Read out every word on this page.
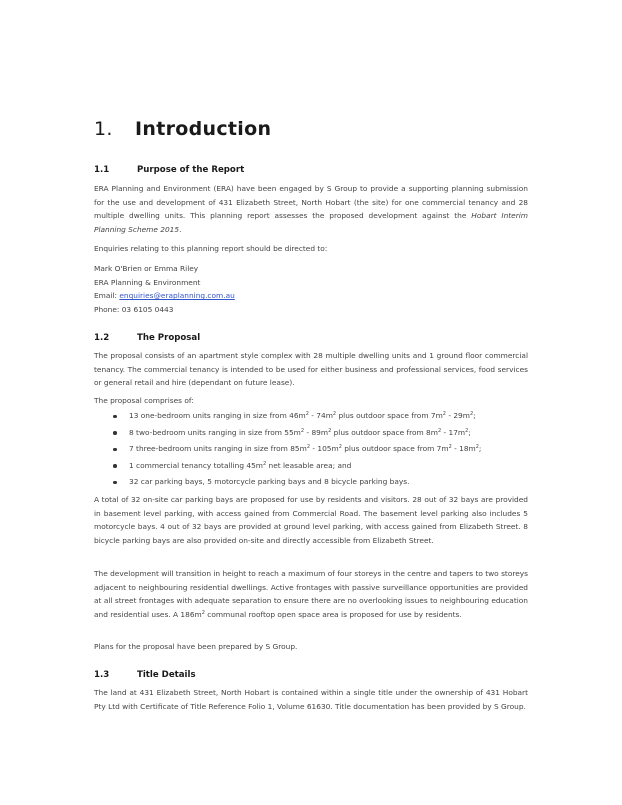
1. Introduction
1.1	Purpose of the Report

ERA Planning and Environment (ERA) have been engaged by S Group to provide a supporting planning submission for the use and development of 431 Elizabeth Street, North Hobart (the site) for one commercial tenancy and 28 multiple dwelling units. This planning report assesses the proposed development against the Hobart Interim Planning Scheme 2015.

Enquiries relating to this planning report should be directed to:

Mark O'Brien or Emma Riley
ERA Planning & Environment
Email: enquiries@eraplanning.com.au
Phone: 03 6105 0443
1.2	The Proposal

The proposal consists of an apartment style complex with 28 multiple dwelling units and 1 ground floor commercial tenancy. The commercial tenancy is intended to be used for either business and professional services, food services or general retail and hire (dependant on future lease).

The proposal comprises of:

13 one-bedroom units ranging in size from $46m^2 - 74m^2$ plus outdoor space from $7m^2 - 29m^2$;
8 two-bedroom units ranging in size from $55m^2 - 89m^2$ plus outdoor space from $8m^2 - 17m^2$;
7 three-bedroom units ranging in size from $85m^2 - 105m^2$ plus outdoor space from $7m^2 - 18m^2$;
1 commercial tenancy totalling $45m^2$ net leasable area; and
32 car parking bays, 5 motorcycle parking bays and 8 bicycle parking bays.

A total of 32 on-site car parking bays are proposed for use by residents and visitors. 28 out of 32 bays are provided in basement level parking, with access gained from Commercial Road. The basement level parking also includes 5 motorcycle bays. 4 out of 32 bays are provided at ground level parking, with access gained from Elizabeth Street. 8 bicycle parking bays are also provided on-site and directly accessible from Elizabeth Street.

The development will transition in height to reach a maximum of four storeys in the centre and tapers to two storeys adjacent to neighbouring residential dwellings. Active frontages with passive surveillance opportunities are provided at all street frontages with adequate separation to ensure there are no overlooking issues to neighbouring education and residential uses. A $186m^2$ communal rooftop open space area is proposed for use by residents.

Plans for the proposal have been prepared by S Group.

1.3	Title Details

The land at 431 Elizabeth Street, North Hobart is contained within a single title under the ownership of 431 Hobart Pty Ltd with Certificate of Title Reference Folio 1, Volume 61630. Title documentation has been provided by S Group.
